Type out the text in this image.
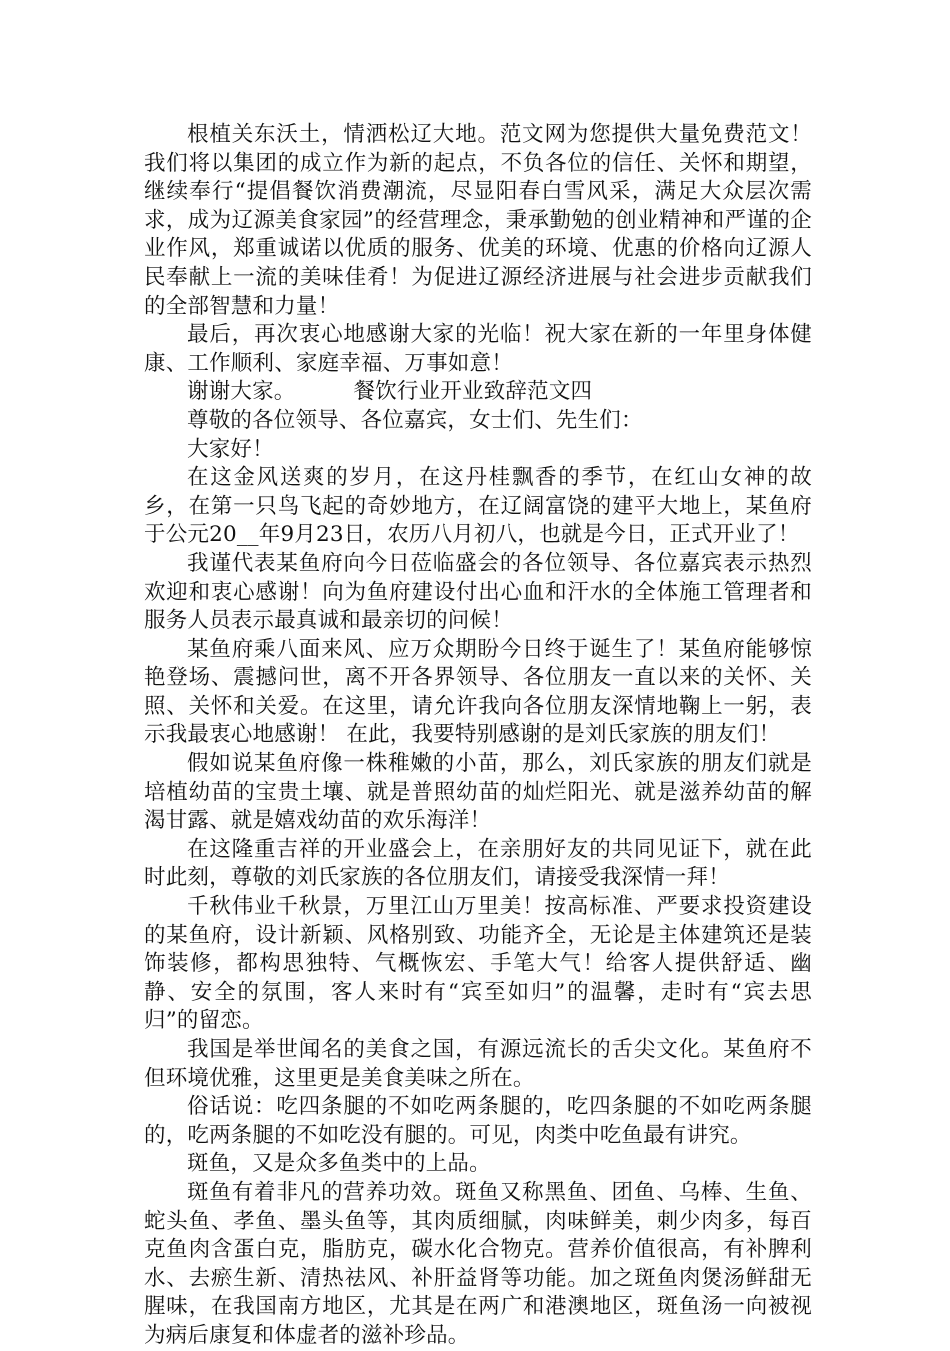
根植关东沃土，情洒松辽大地。范文网为您提供大量免费范文！我们将以集团的成立作为新的起点，不负各位的信任、关怀和期望，继续奉行“提倡餐饮消费潮流，尽显阳春白雪风采，满足大众层次需求，成为辽源美食家园”的经营理念，秉承勤勉的创业精神和严谨的企业作风，郑重诚诺以优质的服务、优美的环境、优惠的价格向辽源人民奉献上一流的美味佳肴！为促进辽源经济进展与社会进步贡献我们的全部智慧和力量！

最后，再次衷心地感谢大家的光临！祝大家在新的一年里身体健康、工作顺利、家庭幸福、万事如意！

谢谢大家。	餐饮行业开业致辞范文四

尊敬的各位领导、各位嘉宾，女士们、先生们：

大家好！

在这金风送爽的岁月，在这丹桂飘香的季节，在红山女神的故乡，在第一只鸟飞起的奇妙地方，在辽阔富饶的建平大地上，某鱼府于公元20__年9月23日，农历八月初八，也就是今日，正式开业了！

我谨代表某鱼府向今日莅临盛会的各位领导、各位嘉宾表示热烈欢迎和衷心感谢！向为鱼府建设付出心血和汗水的全体施工管理者和服务人员表示最真诚和最亲切的问候！

某鱼府乘八面来风、应万众期盼今日终于诞生了！某鱼府能够惊艳登场、震撼问世，离不开各界领导、各位朋友一直以来的关怀、关照、关怀和关爱。在这里，请允许我向各位朋友深情地鞠上一躬，表示我最衷心地感谢！ 在此，我要特别感谢的是刘氏家族的朋友们！

假如说某鱼府像一株稚嫩的小苗，那么，刘氏家族的朋友们就是培植幼苗的宝贵土壤、就是普照幼苗的灿烂阳光、就是滋养幼苗的解渴甘露、就是嬉戏幼苗的欢乐海洋！

在这隆重吉祥的开业盛会上，在亲朋好友的共同见证下，就在此时此刻，尊敬的刘氏家族的各位朋友们，请接受我深情一拜！

千秋伟业千秋景，万里江山万里美！按高标准、严要求投资建设的某鱼府，设计新颖、风格别致、功能齐全，无论是主体建筑还是装饰装修，都构思独特、气概恢宏、手笔大气！给客人提供舒适、幽静、安全的氛围，客人来时有“宾至如归”的温馨，走时有“宾去思归”的留恋。

我国是举世闻名的美食之国，有源远流长的舌尖文化。某鱼府不但环境优雅，这里更是美食美味之所在。

俗话说：吃四条腿的不如吃两条腿的，吃四条腿的不如吃两条腿的，吃两条腿的不如吃没有腿的。可见，肉类中吃鱼最有讲究。

斑鱼，又是众多鱼类中的上品。

斑鱼有着非凡的营养功效。斑鱼又称黑鱼、团鱼、乌棒、生鱼、蛇头鱼、孝鱼、墨头鱼等，其肉质细腻，肉味鲜美，刺少肉多，每百克鱼肉含蛋白克，脂肪克，碳水化合物克。营养价值很高，有补脾利水、去瘀生新、清热祛风、补肝益肾等功能。加之斑鱼肉煲汤鲜甜无腥味，在我国南方地区，尤其是在两广和港澳地区，斑鱼汤一向被视为病后康复和体虚者的滋补珍品。
